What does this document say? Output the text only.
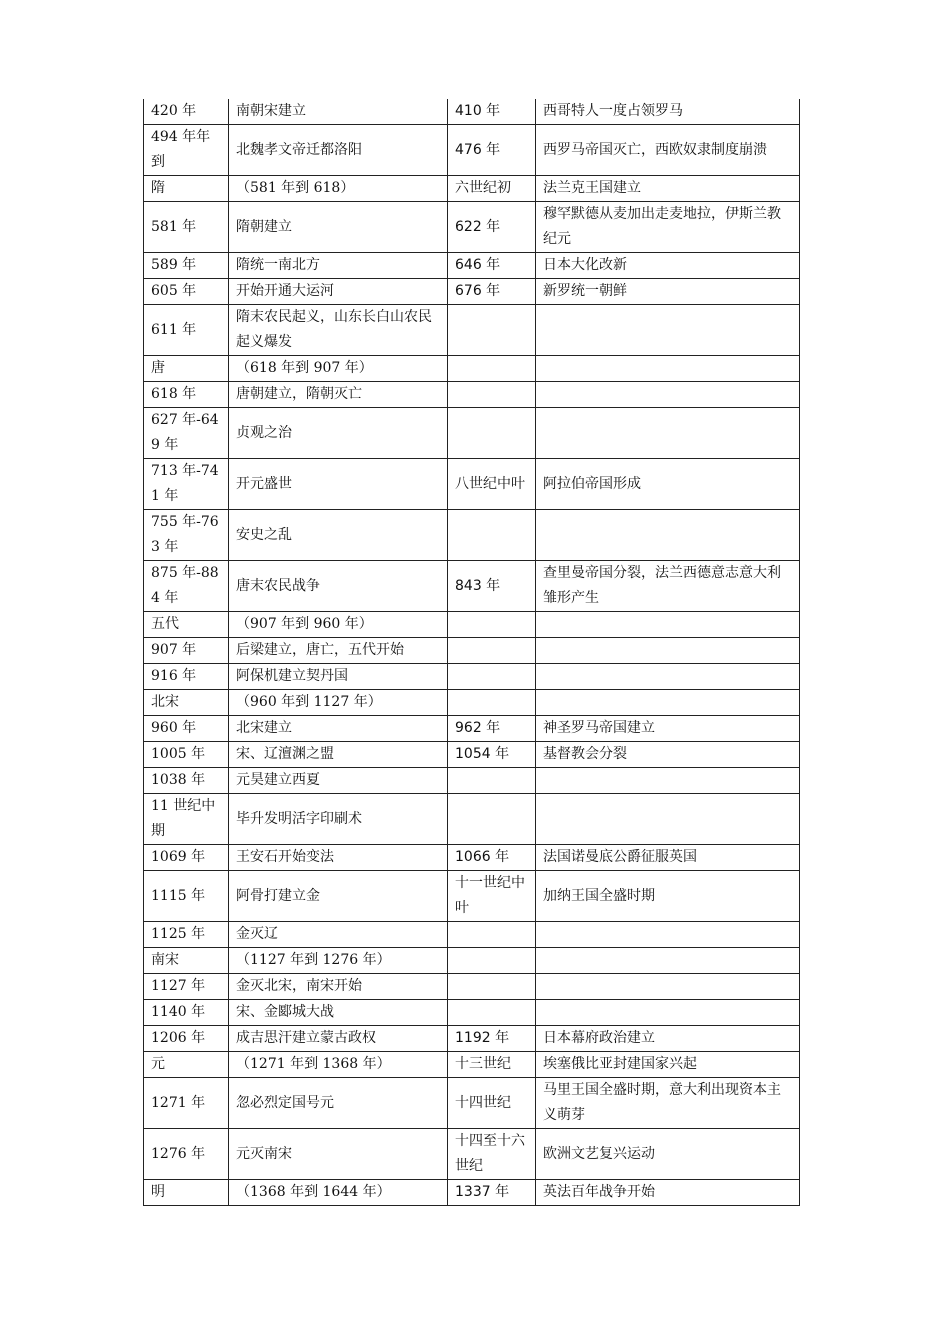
420 年	南朝宋建立	410 年	西哥特人一度占领罗马
494 年年到	北魏孝文帝迁都洛阳	476 年	西罗马帝国灭亡，西欧奴隶制度崩溃
隋	（581 年到 618）	六世纪初	法兰克王国建立
581 年	隋朝建立	622 年	穆罕默德从麦加出走麦地拉，伊斯兰教纪元
589 年	隋统一南北方	646 年	日本大化改新
605 年	开始开通大运河	676 年	新罗统一朝鲜
611 年	隋末农民起义，山东长白山农民起义爆发		
唐	（618 年到 907 年）		
618 年	唐朝建立，隋朝灭亡		
627 年-649 年	贞观之治		
713 年-741 年	开元盛世	八世纪中叶	阿拉伯帝国形成
755 年-763 年	安史之乱		
875 年-884 年	唐末农民战争	843 年	查里曼帝国分裂，法兰西德意志意大利雏形产生
五代	（907 年到 960 年）		
907 年	后梁建立，唐亡，五代开始		
916 年	阿保机建立契丹国		
北宋	（960 年到 1127 年）		
960 年	北宋建立	962 年	神圣罗马帝国建立
1005 年	宋、辽澶渊之盟	1054 年	基督教会分裂
1038 年	元昊建立西夏		
11 世纪中期	毕升发明活字印刷术		
1069 年	王安石开始变法	1066 年	法国诺曼底公爵征服英国
1115 年	阿骨打建立金	十一世纪中叶	加纳王国全盛时期
1125 年	金灭辽		
南宋	（1127 年到 1276 年）		
1127 年	金灭北宋，南宋开始		
1140 年	宋、金郾城大战		
1206 年	成吉思汗建立蒙古政权	1192 年	日本幕府政治建立
元	（1271 年到 1368 年）	十三世纪	埃塞俄比亚封建国家兴起
1271 年	忽必烈定国号元	十四世纪	马里王国全盛时期，意大利出现资本主义萌芽
1276 年	元灭南宋	十四至十六世纪	欧洲文艺复兴运动
明	（1368 年到 1644 年）	1337 年	英法百年战争开始
